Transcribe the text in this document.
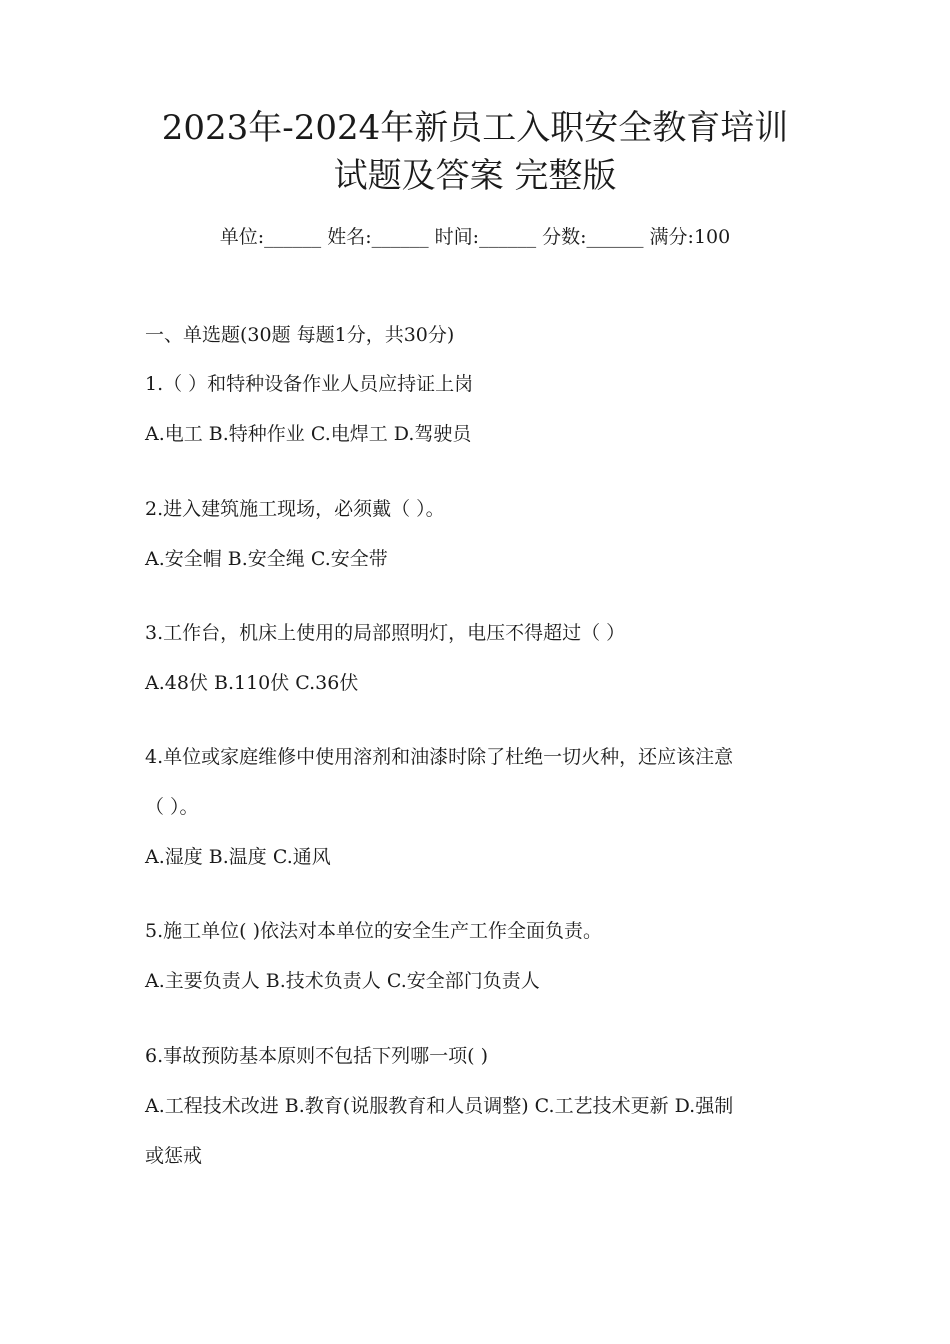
2023年-2024年新员工入职安全教育培训
试题及答案 完整版
单位:______ 姓名:______ 时间:______ 分数:______ 满分:100
一、单选题(30题 每题1分，共30分)
1.（ ）和特种设备作业人员应持证上岗
A.电工 B.特种作业 C.电焊工 D.驾驶员
2.进入建筑施工现场，必须戴（ ）。
A.安全帽 B.安全绳 C.安全带
3.工作台，机床上使用的局部照明灯，电压不得超过（ ）
A.48伏 B.110伏 C.36伏
4.单位或家庭维修中使用溶剂和油漆时除了杜绝一切火种，还应该注意
（ ）。
A.湿度 B.温度 C.通风
5.施工单位( )依法对本单位的安全生产工作全面负责。
A.主要负责人 B.技术负责人 C.安全部门负责人
6.事故预防基本原则不包括下列哪一项( )
A.工程技术改进 B.教育(说服教育和人员调整) C.工艺技术更新 D.强制
或惩戒
